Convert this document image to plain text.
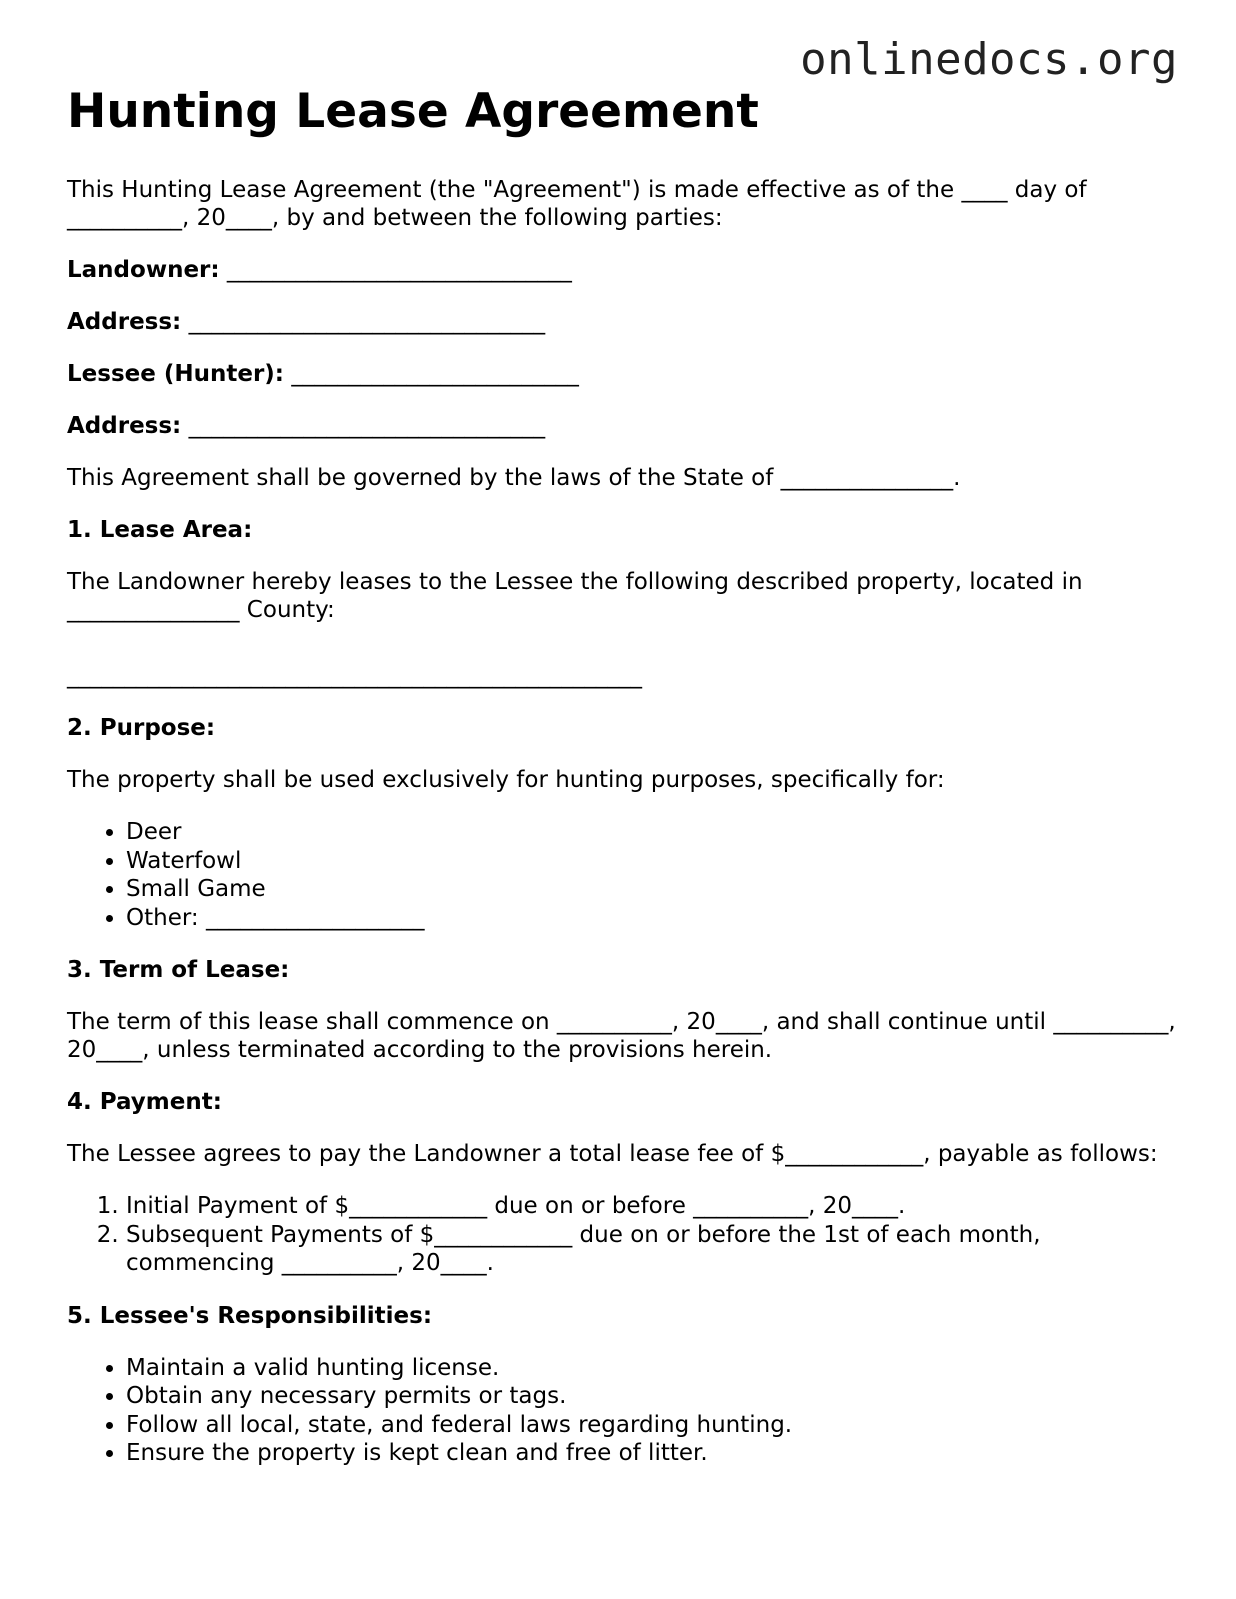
onlinedocs.org
Hunting Lease Agreement

This Hunting Lease Agreement (the "Agreement") is made effective as of the ____ day of __________, 20____, by and between the following parties:

Landowner: ______________________________
Address: _______________________________
Lessee (Hunter): _________________________
Address: _______________________________

This Agreement shall be governed by the laws of the State of _______________.

1. Lease Area:

The Landowner hereby leases to the Lessee the following described property, located in _______________ County:

__________________________________________________

2. Purpose:

The property shall be used exclusively for hunting purposes, specifically for:

• Deer
• Waterfowl
• Small Game
• Other: ___________________
3. Term of Lease:

The term of this lease shall commence on __________, 20____, and shall continue until __________, 20____, unless terminated according to the provisions herein.

4. Payment:

The Lessee agrees to pay the Landowner a total lease fee of $____________, payable as follows:

1. Initial Payment of $____________ due on or before __________, 20____.
2. Subsequent Payments of $____________ due on or before the 1st of each month, commencing __________, 20____.
5. Lessee's Responsibilities:
• Maintain a valid hunting license.
• Obtain any necessary permits or tags.
• Follow all local, state, and federal laws regarding hunting.
• Ensure the property is kept clean and free of litter.
